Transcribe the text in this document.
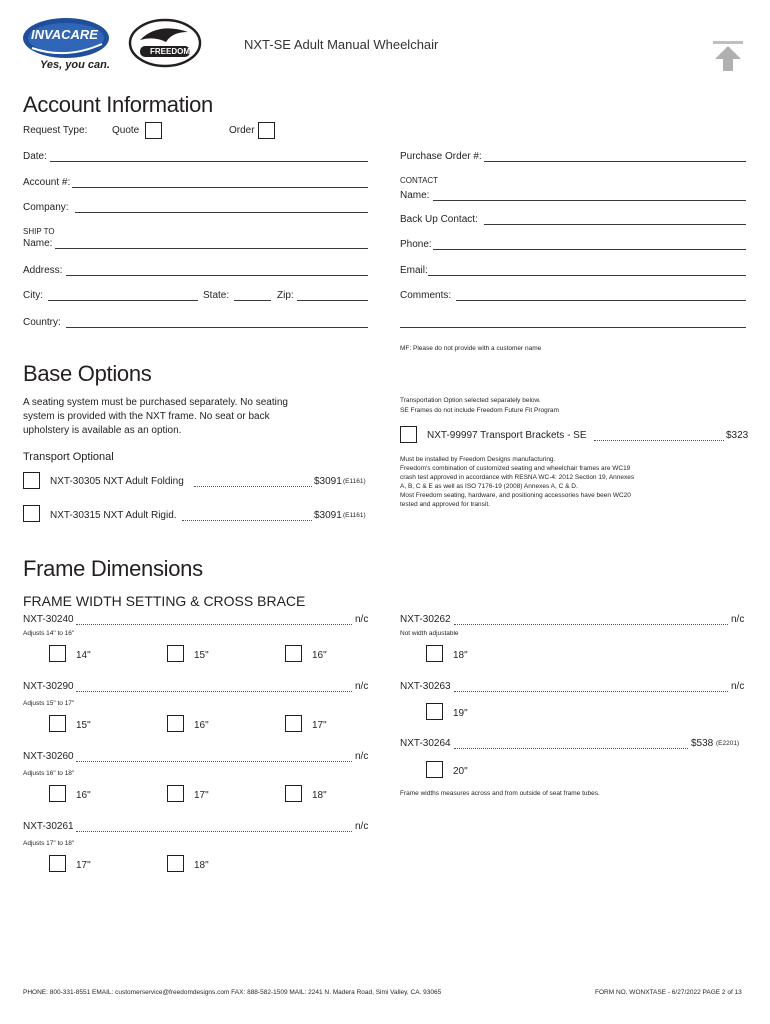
INVACARE
Yes, you can.
FREEDOM	NXT-SE Adult Manual Wheelchair
Account Information
Request Type: Quote	Order
Date:
Account #:
Company:
SHIP TO
Name:
Address:
City:	State:	Zip:
Country:
Purchase Order #:
CONTACT
Name:
Back Up Contact:
Phone:
Email:
Comments:
MF: Please do not provide with a customer name
Base Options
A seating system must be purchased separately. No seating
system is provided with the NXT frame. No seat or back
upholstery is available as an option.
Transport Optional
NXT-30305 NXT Adult Folding	$3091 (E1161)
NXT-30315 NXT Adult Rigid.	$3091 (E1161)
Transportation Option selected separately below.
SE Frames do not include Freedom Future Fit Program
NXT-99997 Transport Brackets - SE	$323
Must be installed by Freedom Designs manufacturing.
Freedom's combination of customized seating and wheelchair frames are WC19
crash test approved in accordance with RESNA WC-4: 2012 Section 19, Annexes
A, B, C & E as well as ISO 7176-19 (2008) Annexes A, C & D.
Most Freedom seating, hardware, and positioning accessories have been WC20
tested and approved for transit.
Frame Dimensions
FRAME WIDTH SETTING & CROSS BRACE
NXT-30240	n/c
Adjusts 14" to 16"
14"	15"	16"
NXT-30290	n/c
Adjusts 15" to 17"
15"	16"	17"
NXT-30260	n/c
Adjusts 16" to 18"
16"	17"	18"
NXT-30261	n/c
Adjusts 17" to 18"
17"	18"
NXT-30262	n/c
Not width adjustable
18"
NXT-30263	n/c
19"
NXT-30264	$538 (E2201)
20"
Frame widths measures across and from outside of seat frame tubes.
PHONE: 800-331-8551 EMAIL: customerservice@freedomdesigns.com FAX: 888-582-1509 MAIL: 2241 N. Madera Road, Simi Valley, CA. 93065	FORM NO. WONXTASE - 6/27/2022 PAGE 2 of 13
